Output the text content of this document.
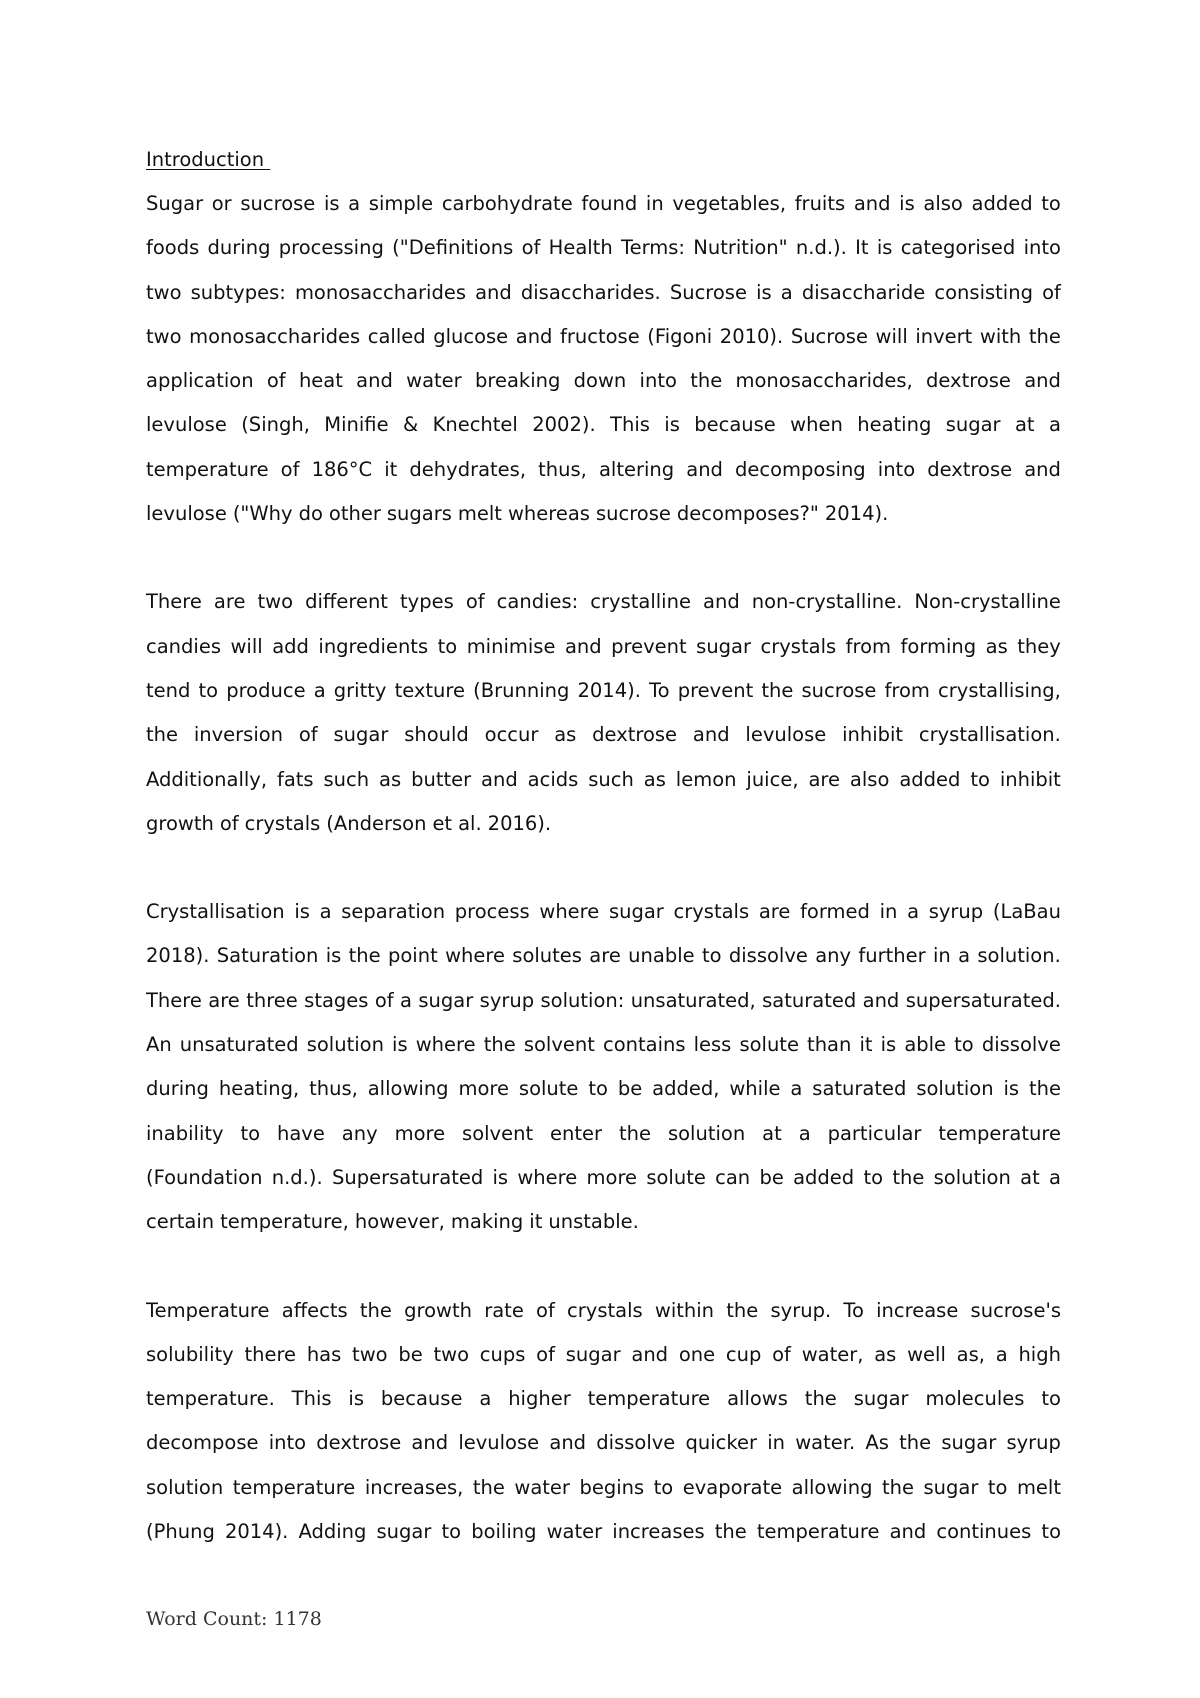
Introduction
Sugar or sucrose is a simple carbohydrate found in vegetables, fruits and is also added to
foods during processing ("Definitions of Health Terms: Nutrition" n.d.). It is categorised into
two subtypes: monosaccharides and disaccharides. Sucrose is a disaccharide consisting of
two monosaccharides called glucose and fructose (Figoni 2010). Sucrose will invert with the
application of heat and water breaking down into the monosaccharides, dextrose and
levulose (Singh, Minifie & Knechtel 2002). This is because when heating sugar at a
temperature of 186°C it dehydrates, thus, altering and decomposing into dextrose and
levulose ("Why do other sugars melt whereas sucrose decomposes?" 2014).
There are two different types of candies: crystalline and non-crystalline. Non-crystalline
candies will add ingredients to minimise and prevent sugar crystals from forming as they
tend to produce a gritty texture (Brunning 2014). To prevent the sucrose from crystallising,
the inversion of sugar should occur as dextrose and levulose inhibit crystallisation.
Additionally, fats such as butter and acids such as lemon juice, are also added to inhibit
growth of crystals (Anderson et al. 2016).
Crystallisation is a separation process where sugar crystals are formed in a syrup (LaBau
2018). Saturation is the point where solutes are unable to dissolve any further in a solution.
There are three stages of a sugar syrup solution: unsaturated, saturated and supersaturated.
An unsaturated solution is where the solvent contains less solute than it is able to dissolve
during heating, thus, allowing more solute to be added, while a saturated solution is the
inability to have any more solvent enter the solution at a particular temperature
(Foundation n.d.). Supersaturated is where more solute can be added to the solution at a
certain temperature, however, making it unstable.
Temperature affects the growth rate of crystals within the syrup. To increase sucrose's
solubility there has two be two cups of sugar and one cup of water, as well as, a high
temperature. This is because a higher temperature allows the sugar molecules to
decompose into dextrose and levulose and dissolve quicker in water. As the sugar syrup
solution temperature increases, the water begins to evaporate allowing the sugar to melt
(Phung 2014). Adding sugar to boiling water increases the temperature and continues to
Word Count: 1178
